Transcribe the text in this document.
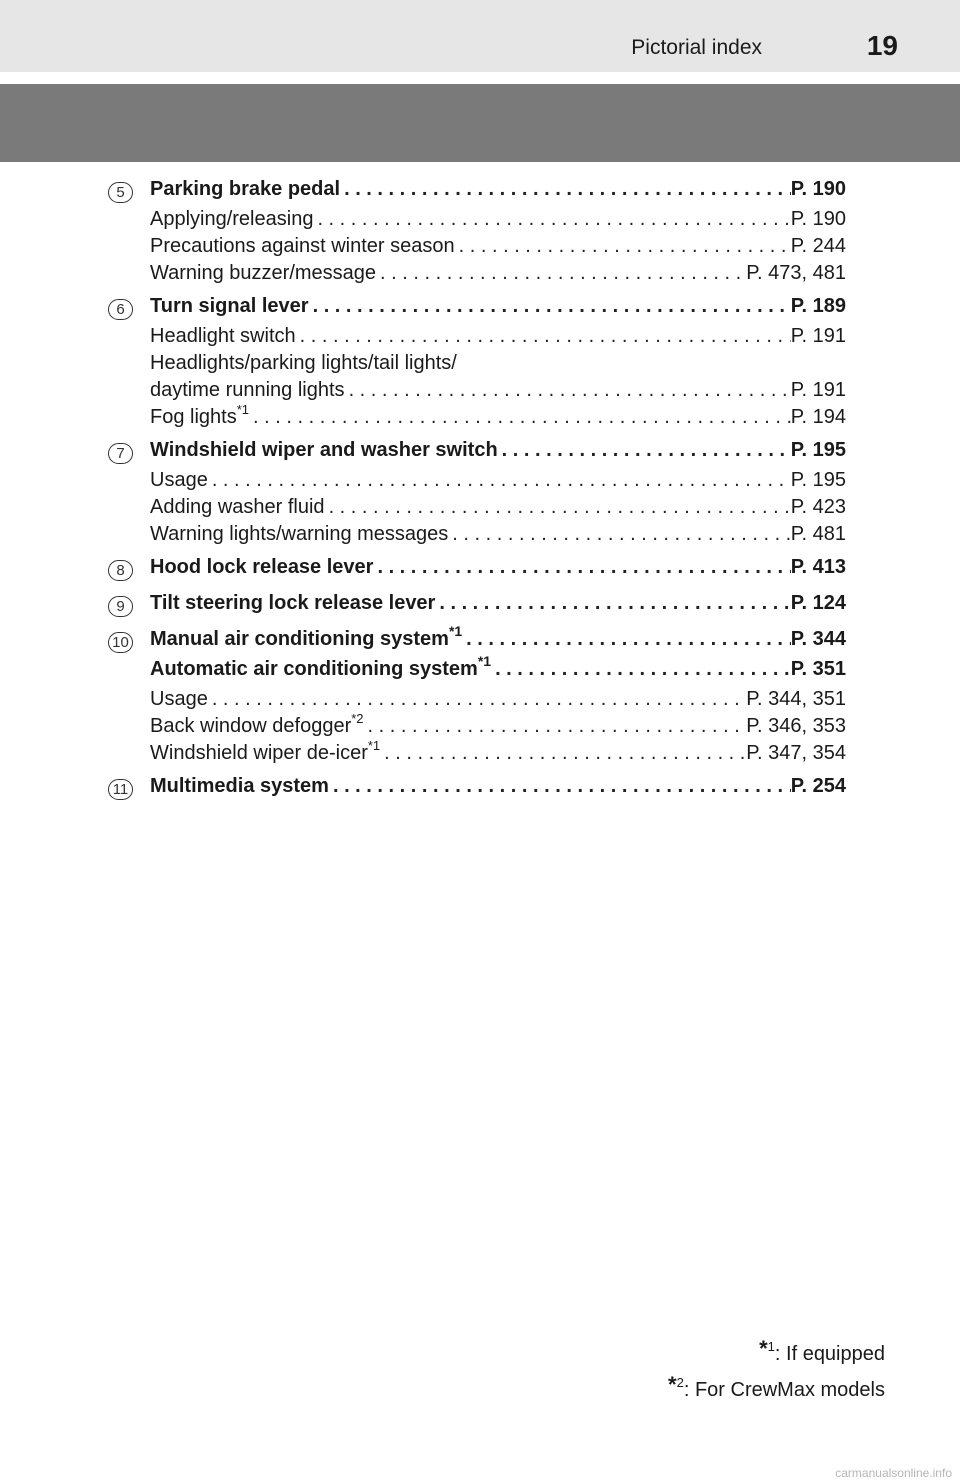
Pictorial index	19
5	Parking brake pedal . . .	P. 190
Applying/releasing . . .	P. 190
Precautions against winter season . . .	P. 244
Warning buzzer/message . . .	P. 473, 481
6	Turn signal lever . . .	P. 189
Headlight switch . . .	P. 191
Headlights/parking lights/tail lights/
daytime running lights . . .	P. 191
Fog lights$^{*1}$ . . .	P. 194
7	Windshield wiper and washer switch . . .	P. 195
Usage . . .	P. 195
Adding washer fluid . . .	P. 423
Warning lights/warning messages . . .	P. 481
8	Hood lock release lever . . .	P. 413
9	Tilt steering lock release lever . . .	P. 124
10 Manual air conditioning system$^{*1}$ . . .	P. 344
Automatic air conditioning system$^{*1}$ . . .	P. 351
Usage . . .	P. 344, 351
Back window defogger$^{*2}$ . . .	P. 346, 353
Windshield wiper de-icer$^{*1}$ . . .	P. 347, 354
11 Multimedia system . . .	P. 254
*$^1$: If equipped
*$^2$: For CrewMax models
carmanualsonline.info
